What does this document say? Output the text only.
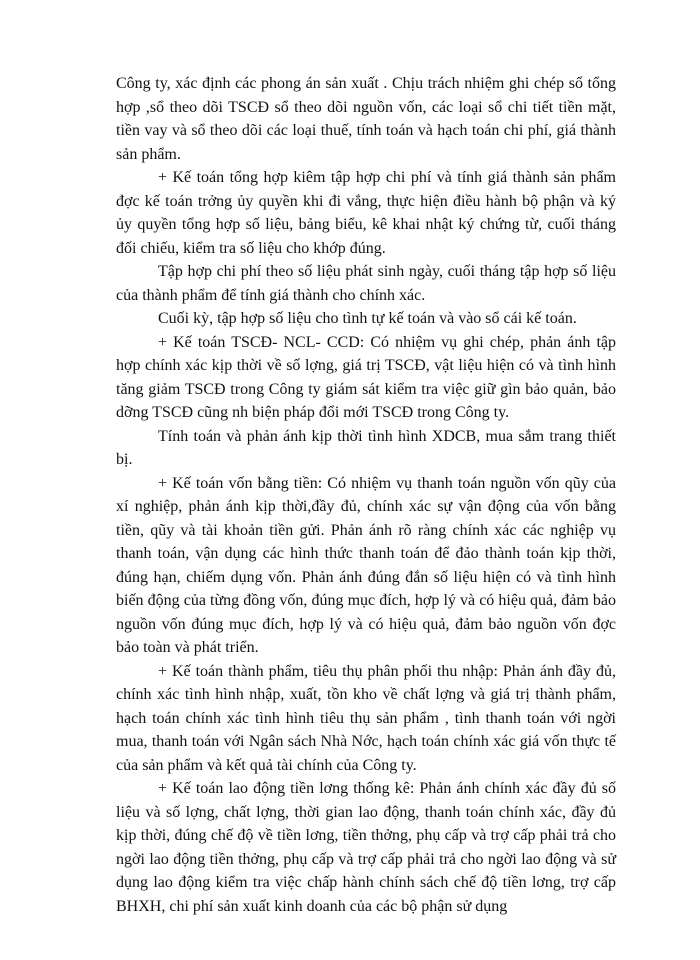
Công ty, xác định các phong án sản xuất . Chịu trách nhiệm ghi chép sổ tổng hợp ,sổ theo dõi TSCĐ sổ theo dõi nguồn vốn, các loại sổ chi tiết tiền mặt, tiền vay và sổ theo dõi các loại thuế, tính toán và hạch toán chi phí, giá thành sản phẩm.

+ Kế toán tổng hợp kiêm tập hợp chi phí và tính giá thành sản phẩm đợc kế toán trởng ủy quyền khi đi vắng, thực hiện điều hành bộ phận và ký ủy quyền tổng hợp số liệu, bảng biểu, kê khai nhật ký chứng từ, cuối tháng đối chiếu, kiểm tra số liệu cho khớp đúng.

Tập hợp chi phí theo số liệu phát sinh ngày, cuối tháng tập hợp số liệu của thành phẩm để tính giá thành cho chính xác.

Cuối kỳ, tập hợp số liệu cho tình tự kế toán và vào sổ cái kế toán.

+ Kế toán TSCĐ- NCL- CCD: Có nhiệm vụ ghi chép, phản ánh tập hợp chính xác kịp thời về số lợng, giá trị TSCĐ, vật liệu hiện có và tình hình tăng giảm TSCĐ trong Công ty giám sát kiểm tra việc giữ gìn bảo quản, bảo dỡng TSCĐ cũng nh biện pháp đổi mới TSCĐ trong Công ty.

Tính toán và phản ánh kịp thời tình hình XDCB, mua sắm trang thiết bị.

+ Kế toán vốn bằng tiền: Có nhiệm vụ thanh toán nguồn vốn qũy của xí nghiệp, phản ánh kịp thời,đầy đủ, chính xác sự vận động của vốn bằng tiền, qũy và tài khoản tiền gửi. Phản ánh rõ ràng chính xác các nghiệp vụ thanh toán, vận dụng các hình thức thanh toán để đảo thành toán kịp thời, đúng hạn, chiếm dụng vốn. Phản ánh đúng đắn số liệu hiện có và tình hình biến động của từng đồng vốn, đúng mục đích, hợp lý và có hiệu quả, đảm bảo nguồn vốn đúng mục đích, hợp lý và có hiệu quả, đảm bảo nguồn vốn đợc bảo toàn và phát triển.

+ Kế toán thành phẩm, tiêu thụ phân phối thu nhập: Phản ánh đầy đủ, chính xác tình hình nhập, xuất, tồn kho về chất lợng và giá trị thành phẩm, hạch toán chính xác tình hình tiêu thụ sản phẩm , tình thanh toán với ngời mua, thanh toán với Ngân sách Nhà Nớc, hạch toán chính xác giá vốn thực tế của sản phẩm và kết quả tài chính của Công ty.

+ Kế toán lao động tiền lơng thống kê: Phản ánh chính xác đầy đủ số liệu và số lợng, chất lợng, thời gian lao động, thanh toán chính xác, đầy đủ kịp thời, đúng chế độ về tiền lơng, tiền thởng, phụ cấp và trợ cấp phải trả cho ngời lao động tiền thởng, phụ cấp và trợ cấp phải trả cho ngời lao động và sử dụng lao động kiểm tra việc chấp hành chính sách chế độ tiền lơng, trợ cấp BHXH, chi phí sản xuất kinh doanh của các bộ phận sử dụng
